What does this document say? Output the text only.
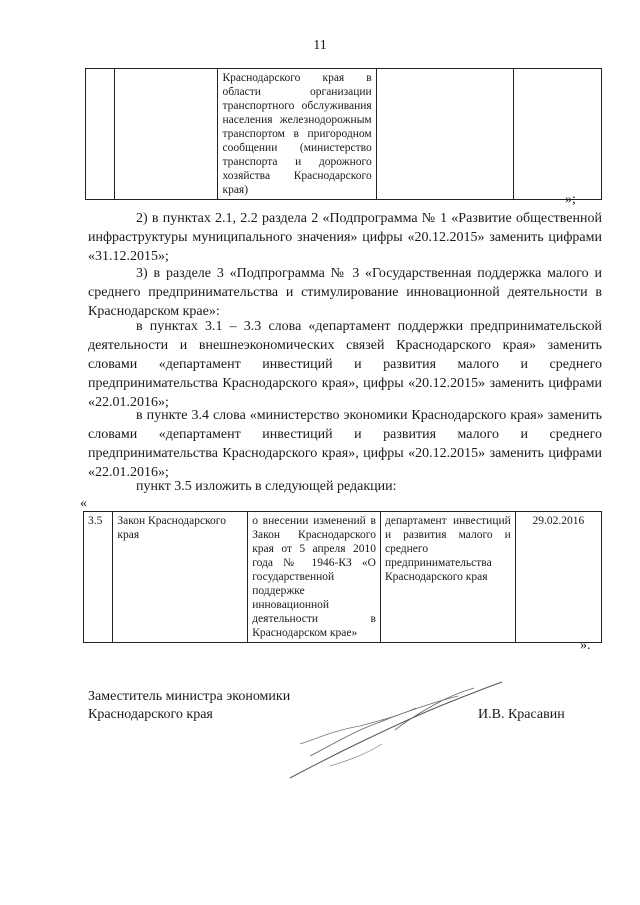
11
		Краснодарского края в области организации транспортного обслуживания населения железнодорожным транспортом в пригородном сообщении (министерство транспорта и дорожного хозяйства Краснодарского края)		
»;
2) в пунктах 2.1, 2.2 раздела 2 «Подпрограмма № 1 «Развитие общественной инфраструктуры муниципального значения» цифры «20.12.2015» заменить цифрами «31.12.2015»;
3) в разделе 3 «Подпрограмма № 3 «Государственная поддержка малого и среднего предпринимательства и стимулирование инновационной деятельности в Краснодарском крае»:
в пунктах 3.1 – 3.3 слова «департамент поддержки предпринимательской деятельности и внешнеэкономических связей Краснодарского края» заменить словами «департамент инвестиций и развития малого и среднего предпринимательства Краснодарского края», цифры «20.12.2015» заменить цифрами «22.01.2016»;
в пункте 3.4 слова «министерство экономики Краснодарского края» заменить словами «департамент инвестиций и развития малого и среднего предпринимательства Краснодарского края», цифры «20.12.2015» заменить цифрами «22.01.2016»;
пункт 3.5 изложить в следующей редакции:
«
3.5	Закон Краснодарского края	о внесении изменений в Закон Краснодарского края от 5 апреля 2010 года № 1946-КЗ «О государственной поддержке инновационной деятельности в Краснодарском крае»	департамент инвестиций и развития малого и среднего предпринимательства Краснодарского края	29.02.2016
».
Заместитель министра экономики
Краснодарского края	И.В. Красавин
